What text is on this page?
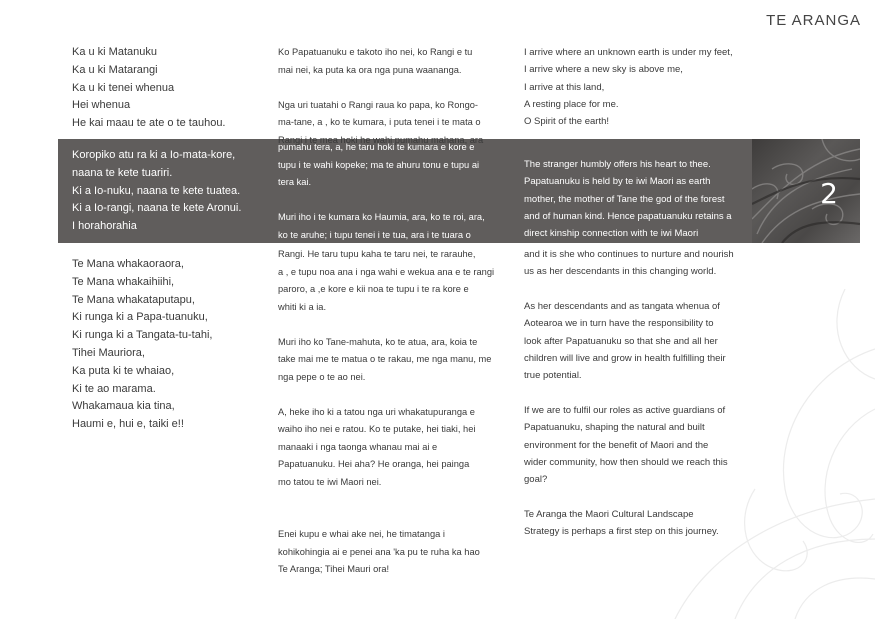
TE ARANGA
2

Ka u ki Matanuku

Ka u ki Matarangi

Ka u ki tenei whenua

Hei whenua

He kai maau te ate o te tauhou.

Koropiko atu ra ki a Io-mata-kore,

naana te kete tuariri.

Ki a Io-nuku, naana te kete tuatea.

Ki a Io-rangi, naana te kete Aronui.

I horahorahia

Te Mana whakaoraora,

Te Mana whakaihiihi,

Te Mana whakataputapu,

Ki runga ki a Papa-tuanuku,

Ki runga ki a Tangata-tu-tahi,

Tihei Mauriora,

Ka puta ki te whaiao,

Ki te ao marama.

Whakamaua kia tina,

Haumi e, hui e, taiki e!!

Ko Papatuanuku e takoto iho nei, ko Rangi e tu

mai nei, ka puta ka ora nga puna waananga.

Nga uri tuatahi o Rangi raua ko papa, ko Rongo-

ma-tane, a , ko te kumara, i puta tenei i te mata o

Rangi i te mea hoki he wahi pumahu mahana, ara

pumahu tera, a, he taru hoki te kumara e kore e

tupu i te wahi kopeke; ma te ahuru tonu e tupu ai

tera kai.

Muri iho i te kumara ko Haumia, ara, ko te roi, ara,

ko te aruhe; i tupu tenei i te tua, ara i te tuara o

Rangi. He taru tupu kaha te taru nei, te rarauhe,

a , e tupu noa ana i nga wahi e wekua ana e te rangi

paroro, a ,e kore e kii noa te tupu i te ra kore e

whiti ki a ia.

Muri iho ko Tane-mahuta, ko te atua, ara, koia te

take mai me te matua o te rakau, me nga manu, me

nga pepe o te ao nei.

A, heke iho ki a tatou nga uri whakatupuranga e

waiho iho nei e ratou. Ko te putake, hei tiaki, hei

manaaki i nga taonga whanau mai ai e

Papatuanuku. Hei aha? He oranga, hei painga

mo tatou te iwi Maori nei.

Enei kupu e whai ake nei, he timatanga i

kohikohingia ai e penei ana 'ka pu te ruha ka hao

Te Aranga; Tihei Mauri ora!

I arrive where an unknown earth is under my feet,

I arrive where a new sky is above me,

I arrive at this land,

A resting place for me.

O Spirit of the earth!

The stranger humbly offers his heart to thee.

Papatuanuku is held by te iwi Maori as earth

mother, the mother of Tane the god of the forest

and of human kind. Hence papatuanuku retains a

direct kinship connection with te iwi Maori

and it is she who continues to nurture and nourish

us as her descendants in this changing world.

As her descendants and as tangata whenua of

Aotearoa we in turn have the responsibility to

look after Papatuanuku so that she and all her

children will live and grow in health fulfilling their

true potential.

If we are to fulfil our roles as active guardians of

Papatuanuku, shaping the natural and built

environment for the benefit of Maori and the

wider community, how then should we reach this

goal?

Te Aranga the Maori Cultural Landscape

Strategy is perhaps a first step on this journey.
